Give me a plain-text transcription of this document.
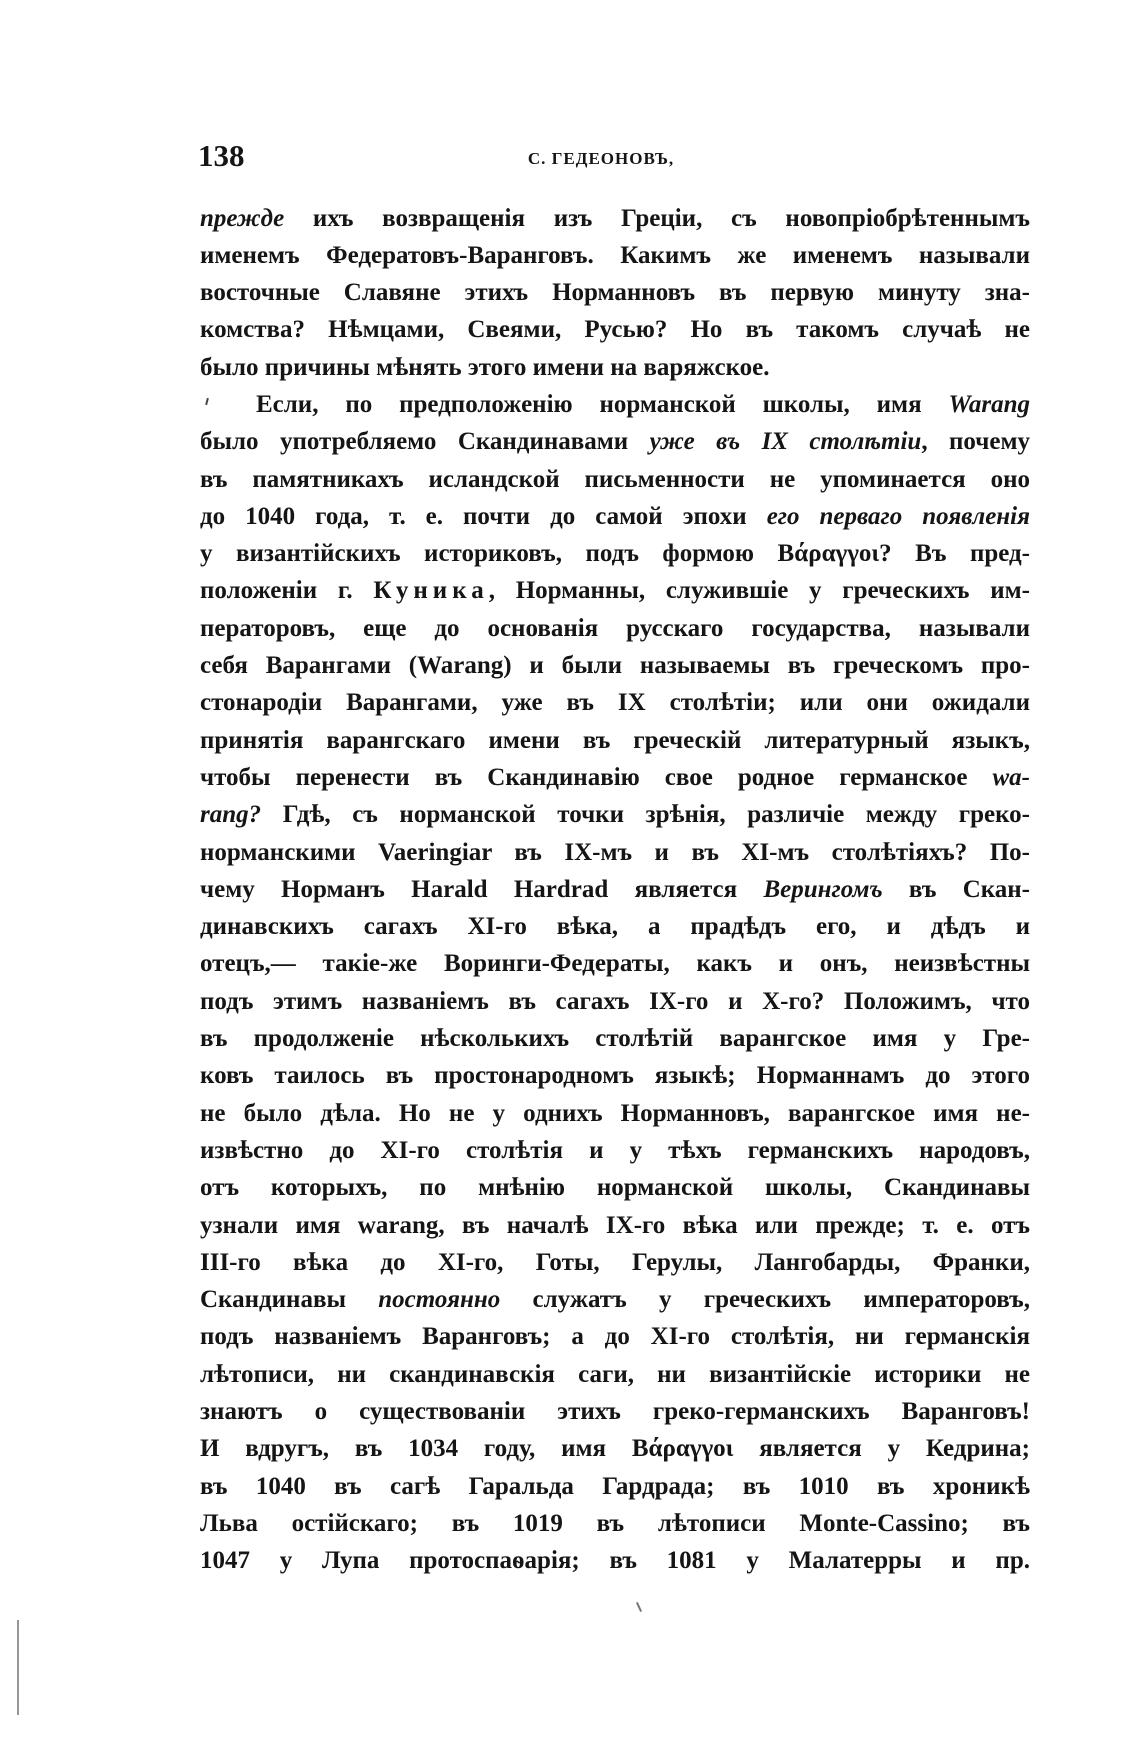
138	С. ГЕДЕОНОВЪ,
прежде ихъ возвращенія изъ Греціи, съ новопріобрѣтеннымъ
именемъ Федератовъ-Варанговъ. Какимъ же именемъ называли
восточные Славяне этихъ Норманновъ въ первую минуту зна-
комства? Нѣмцами, Свеями, Русью? Но въ такомъ случаѣ не
было причины мѣнять этого имени на варяжское.
Если, по предположенію норманской школы, имя Warang
было употребляемо Скандинавами уже въ IX столѣтіи, почему
въ памятникахъ исландской письменности не упоминается оно
до 1040 года, т. е. почти до самой эпохи его перваго появленія
у византійскихъ историковъ, подъ формою Βάραγγοι? Въ пред-
положеніи г. Куника, Норманны, служившіе у греческихъ им-
ператоровъ, еще до основанія русскаго государства, называли
себя Варангами (Warang) и были называемы въ греческомъ про-
стонародіи Варангами, уже въ IX столѣтіи; или они ожидали
принятія варангскаго имени въ греческій литературный языкъ,
чтобы перенести въ Скандинавію свое родное германское wa-
rang? Гдѣ, съ норманской точки зрѣнія, различіе между греко-
норманскими Vaeringiar въ IX-мъ и въ XI-мъ столѣтіяхъ? По-
чему Норманъ Harald Hardrad является Верингомъ въ Скан-
динавскихъ сагахъ XI-го вѣка, а прадѣдъ его, и дѣдъ и
отецъ,— такіе-же Воринги-Федераты, какъ и онъ, неизвѣстны
подъ этимъ названіемъ въ сагахъ IX-го и X-го? Положимъ, что
въ продолженіе нѣсколькихъ столѣтій варангское имя у Гре-
ковъ таилось въ простонародномъ языкѣ; Норманнамъ до этого
не было дѣла. Но не у однихъ Норманновъ, варангское имя не-
извѣстно до XI-го столѣтія и у тѣхъ германскихъ народовъ,
отъ которыхъ, по мнѣнію норманской школы, Скандинавы
узнали имя warang, въ началѣ IX-го вѣка или прежде; т. е. отъ
III-го вѣка до XI-го, Готы, Герулы, Лангобарды, Франки,
Скандинавы постоянно служатъ у греческихъ императоровъ,
подъ названіемъ Варанговъ; а до XI-го столѣтія, ни германскія
лѣтописи, ни скандинавскія саги, ни византійскіе историки не
знаютъ о существованіи этихъ греко-германскихъ Варанговъ!
И вдругъ, въ 1034 году, имя Βάραγγοι является у Кедрина;
въ 1040 въ сагѣ Гаральда Гардрада; въ 1010 въ хроникѣ
Льва остійскаго; въ 1019 въ лѣтописи Monte-Cassino; въ
1047 у Лупа протоспаѳарія; въ 1081 у Малатерры и пр.
